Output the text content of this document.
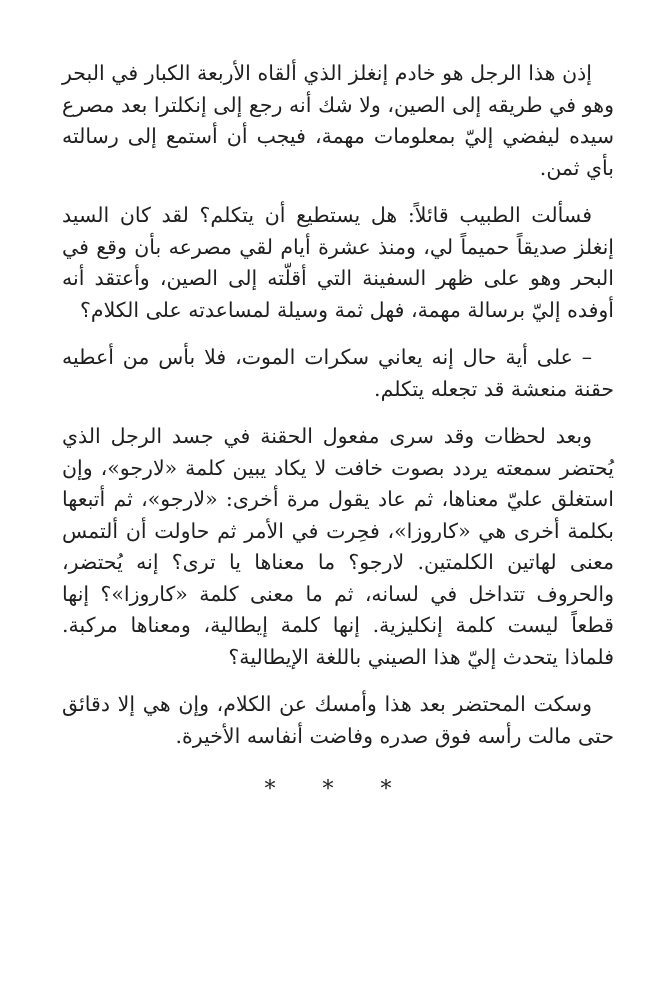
إذن هذا الرجل هو خادم إنغلز الذي ألقاه الأربعة الكبار في البحر وهو في طريقه إلى الصين، ولا شك أنه رجع إلى إنكلترا بعد مصرع سيده ليفضي إليّ بمعلومات مهمة، فيجب أن أستمع إلى رسالته بأي ثمن.

فسألت الطبيب قائلاً: هل يستطيع أن يتكلم؟ لقد كان السيد إنغلز صديقاً حميماً لي، ومنذ عشرة أيام لقي مصرعه بأن وقع في البحر وهو على ظهر السفينة التي أقلّته إلى الصين، وأعتقد أنه أوفده إليّ برسالة مهمة، فهل ثمة وسيلة لمساعدته على الكلام؟

– على أية حال إنه يعاني سكرات الموت، فلا بأس من أعطيه حقنة منعشة قد تجعله يتكلم.

وبعد لحظات وقد سرى مفعول الحقنة في جسد الرجل الذي يُحتضر سمعته يردد بصوت خافت لا يكاد يبين كلمة «لارجو»، وإن استغلق عليّ معناها، ثم عاد يقول مرة أخرى: «لارجو»، ثم أتبعها بكلمة أخرى هي «كاروزا»، فحِرت في الأمر ثم حاولت أن ألتمس معنى لهاتين الكلمتين. لارجو؟ ما معناها يا ترى؟ إنه يُحتضر، والحروف تتداخل في لسانه، ثم ما معنى كلمة «كاروزا»؟ إنها قطعاً ليست كلمة إنكليزية. إنها كلمة إيطالية، ومعناها مركبة. فلماذا يتحدث إليّ هذا الصيني باللغة الإيطالية؟

وسكت المحتضر بعد هذا وأمسك عن الكلام، وإن هي إلا دقائق حتى مالت رأسه فوق صدره وفاضت أنفاسه الأخيرة.

* * *
